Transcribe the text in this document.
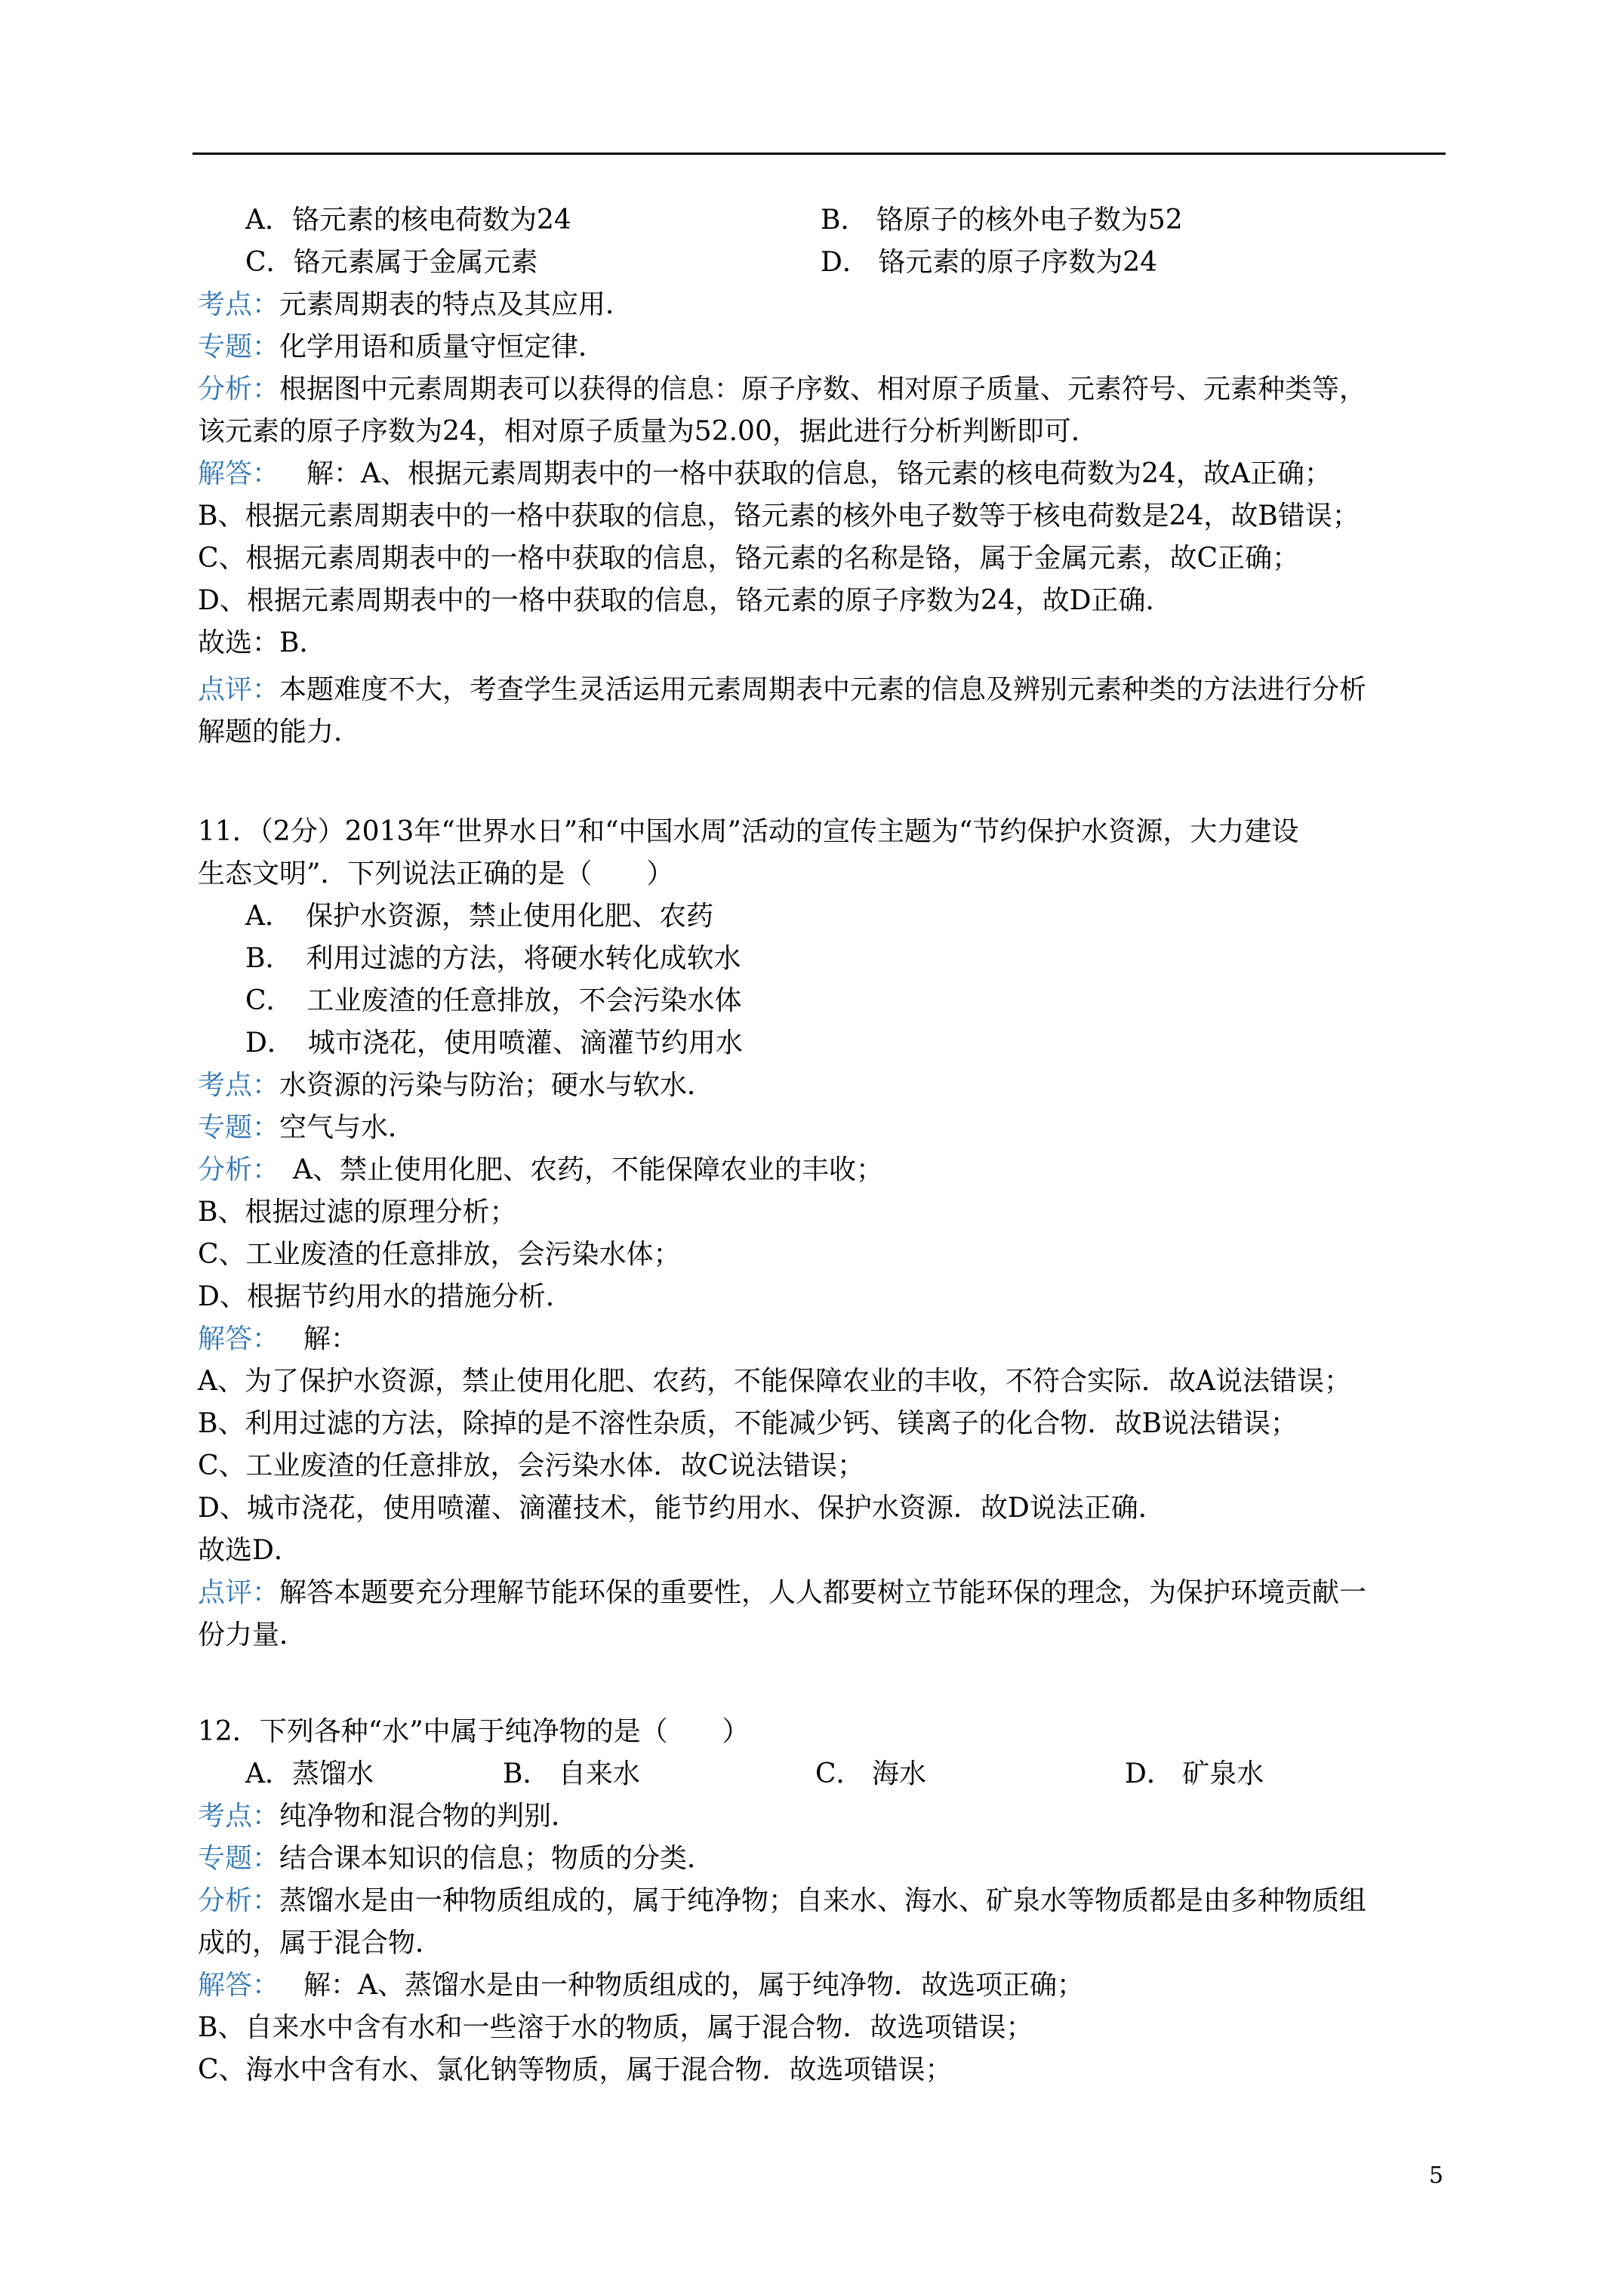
A．铬元素的核电荷数为24	B． 铬原子的核外电子数为52
C．铬元素属于金属元素	D． 铬元素的原子序数为24
考点：元素周期表的特点及其应用．
专题：化学用语和质量守恒定律．
分析：根据图中元素周期表可以获得的信息：原子序数、相对原子质量、元素符号、元素种类等，
该元素的原子序数为24，相对原子质量为52.00，据此进行分析判断即可．
解答： 解：A、根据元素周期表中的一格中获取的信息，铬元素的核电荷数为24，故A正确；
B、根据元素周期表中的一格中获取的信息，铬元素的核外电子数等于核电荷数是24，故B错误；
C、根据元素周期表中的一格中获取的信息，铬元素的名称是铬，属于金属元素，故C正确；
D、根据元素周期表中的一格中获取的信息，铬元素的原子序数为24，故D正确．
故选：B．
点评：本题难度不大，考查学生灵活运用元素周期表中元素的信息及辨别元素种类的方法进行分析
解题的能力．
11．（2分）2013年“世界水日”和“中国水周”活动的宣传主题为“节约保护水资源，大力建设
生态文明”．下列说法正确的是（　　）
A．　保护水资源，禁止使用化肥、农药
B．　利用过滤的方法，将硬水转化成软水
C．　工业废渣的任意排放，不会污染水体
D．　城市浇花，使用喷灌、滴灌节约用水
考点：水资源的污染与防治；硬水与软水．
专题：空气与水．
分析：　A、禁止使用化肥、农药，不能保障农业的丰收；
B、根据过滤的原理分析；
C、工业废渣的任意排放，会污染水体；
D、根据节约用水的措施分析．
解答：　解：
A、为了保护水资源，禁止使用化肥、农药，不能保障农业的丰收，不符合实际．故A说法错误；
B、利用过滤的方法，除掉的是不溶性杂质，不能减少钙、镁离子的化合物．故B说法错误；
C、工业废渣的任意排放，会污染水体．故C说法错误；
D、城市浇花，使用喷灌、滴灌技术，能节约用水、保护水资源．故D说法正确．
故选D．
点评：解答本题要充分理解节能环保的重要性，人人都要树立节能环保的理念，为保护环境贡献一
份力量．
12．下列各种“水”中属于纯净物的是（　　）
A．蒸馏水	B． 自来水	C． 海水	D． 矿泉水
考点：纯净物和混合物的判别．
专题：结合课本知识的信息；物质的分类．
分析：蒸馏水是由一种物质组成的，属于纯净物；自来水、海水、矿泉水等物质都是由多种物质组
成的，属于混合物．
解答：　解：A、蒸馏水是由一种物质组成的，属于纯净物．故选项正确；
B、自来水中含有水和一些溶于水的物质，属于混合物．故选项错误；
C、海水中含有水、氯化钠等物质，属于混合物．故选项错误；
5
